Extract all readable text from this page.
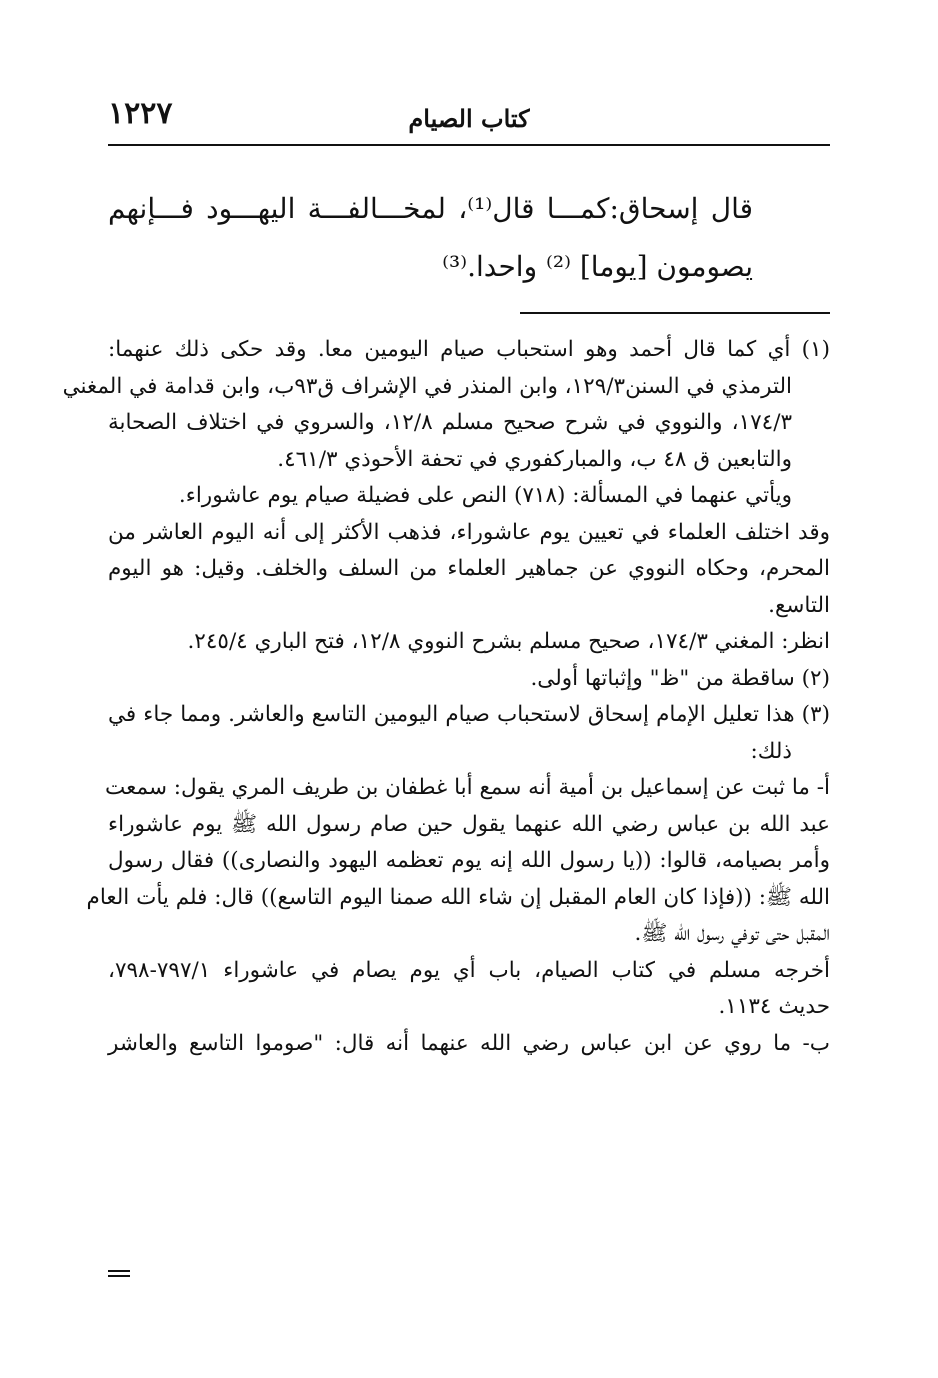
١٢٢٧	كتاب الصيام
قال إسحاق:كمـــا قال⁽¹⁾، لمخـــالفـــة اليهـــود فـــإنهم
يصومون [يوما] ⁽²⁾ واحدا.⁽³⁾
(١) أي كما قال أحمد وهو استحباب صيام اليومين معا. وقد حكى ذلك عنهما:
الترمذي في السنن١٢٩/٣، وابن المنذر في الإشراف ق٩٣ب، وابن قدامة في المغني
١٧٤/٣، والنووي في شرح صحيح مسلم ١٢/٨، والسروي في اختلاف الصحابة
والتابعين ق ٤٨ ب، والمباركفوري في تحفة الأحوذي ٤٦١/٣.
ويأتي عنهما في المسألة: (٧١٨) النص على فضيلة صيام يوم عاشوراء.
وقد اختلف العلماء في تعيين يوم عاشوراء، فذهب الأكثر إلى أنه اليوم العاشر من
المحرم، وحكاه النووي عن جماهير العلماء من السلف والخلف. وقيل: هو اليوم
التاسع.
انظر: المغني ١٧٤/٣، صحيح مسلم بشرح النووي ١٢/٨، فتح الباري ٢٤٥/٤.
(٢) ساقطة من "ظ" وإثباتها أولى.
(٣) هذا تعليل الإمام إسحاق لاستحباب صيام اليومين التاسع والعاشر. ومما جاء في
ذلك:
أ- ما ثبت عن إسماعيل بن أمية أنه سمع أبا غطفان بن طريف المري يقول: سمعت
عبد الله بن عباس رضي الله عنهما يقول حين صام رسول الله ﷺ يوم عاشوراء
وأمر بصيامه، قالوا: ((يا رسول الله إنه يوم تعظمه اليهود والنصارى)) فقال رسول
الله ﷺ: ((فإذا كان العام المقبل إن شاء الله صمنا اليوم التاسع)) قال: فلم يأت العام
المقبل حتى توفي رسول الله ﷺ.
أخرجه مسلم في كتاب الصيام، باب أي يوم يصام في عاشوراء ٧٩٧/١-٧٩٨،
حديث ١١٣٤.
ب- ما روي عن ابن عباس رضي الله عنهما أنه قال: "صوموا التاسع والعاشر
